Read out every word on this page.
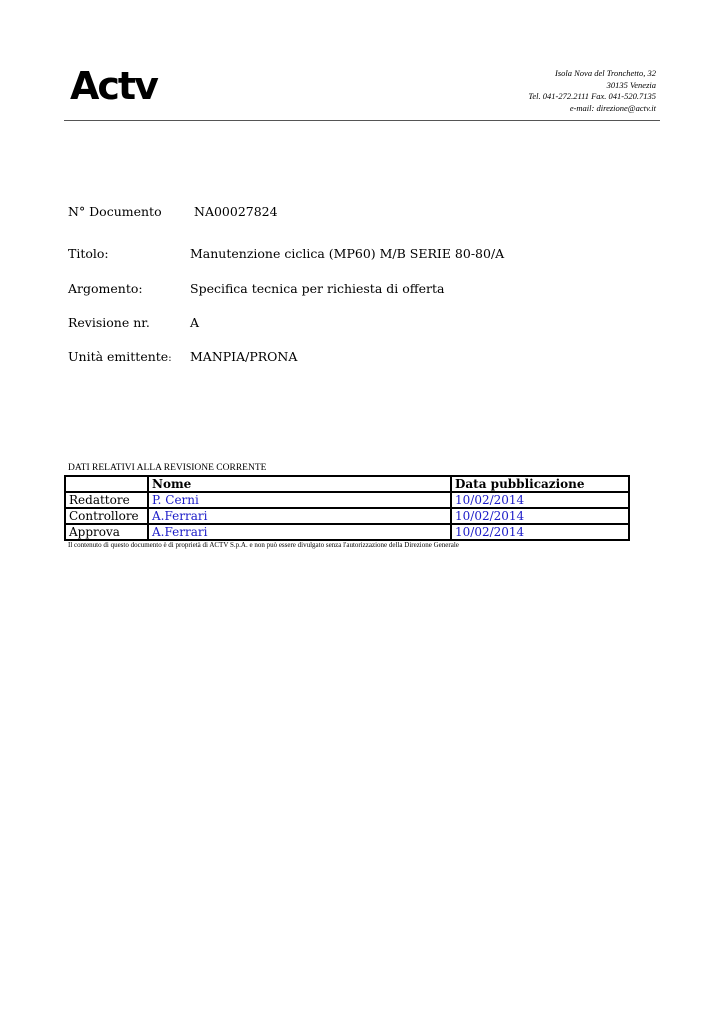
Actv	Isola Nova del Tronchetto, 32
30135 Venezia
Tel. 041-272.2111 Fax. 041-520.7135
e-mail: direzione@actv.it
N° Documento	NA00027824
Titolo:	Manutenzione ciclica (MP60) M/B SERIE 80-80/A
Argomento:	Specifica tecnica per richiesta di offerta
Revisione nr.	A
Unità emittente: MANPIA/PRONA
DATI RELATIVI ALLA REVISIONE CORRENTE
	Nome	Data pubblicazione
Redattore	P. Cerni	10/02/2014
Controllore	A.Ferrari	10/02/2014
Approva	A.Ferrari	10/02/2014
Il contenuto di questo documento è di proprietà di ACTV S.p.A. e non può essere divulgato senza l'autorizzazione della Direzione Generale
